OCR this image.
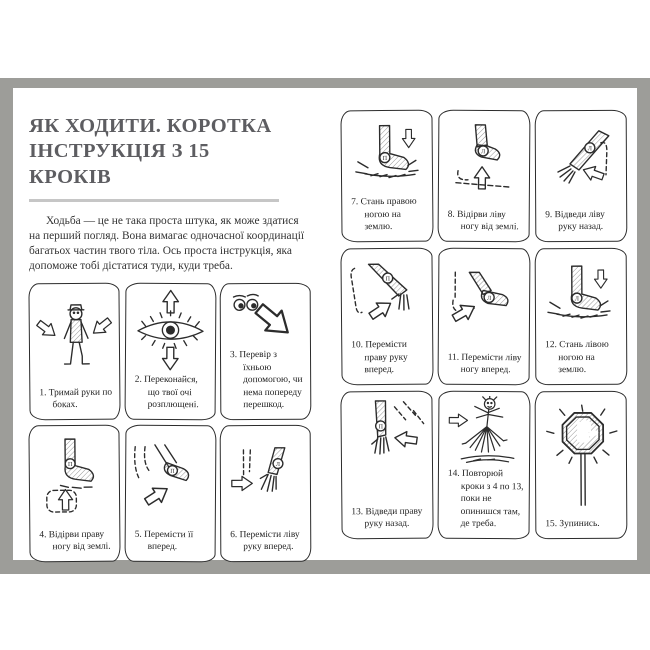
ЯК ХОДИТИ. КОРОТКА ІНСТРУКЦІЯ З 15 КРОКІВ

Ходьба — це не така проста штука, як може здатися на перший погляд. Вона вимагає одночасної координації багатьох частин твого тіла. Ось проста інструкція, яка допоможе тобі дістатися туди, куди треба.

1. Тримай руки по боках.
2. Переконайся, що твої очі розплющені.
3. Перевір з їхньою допомогою, чи нема попереду перешкод.
П
4. Відірви праву ногу від землі.
П
5. Перемісти її вперед.
Л
6. Перемісти ліву руку вперед.
П
7. Стань правою ногою на землю.
Л
8. Відірви ліву ногу від землі.
Л
9. Відведи ліву руку назад.
П
10. Перемісти праву руку вперед.
Л
11. Перемісти ліву ногу вперед.
Л
12. Стань лівою ногою на землю.
П
13. Відведи праву руку назад.
14. Повторюй кроки з 4 по 13, поки не опинишся там, де треба.	15. Зупинись.
